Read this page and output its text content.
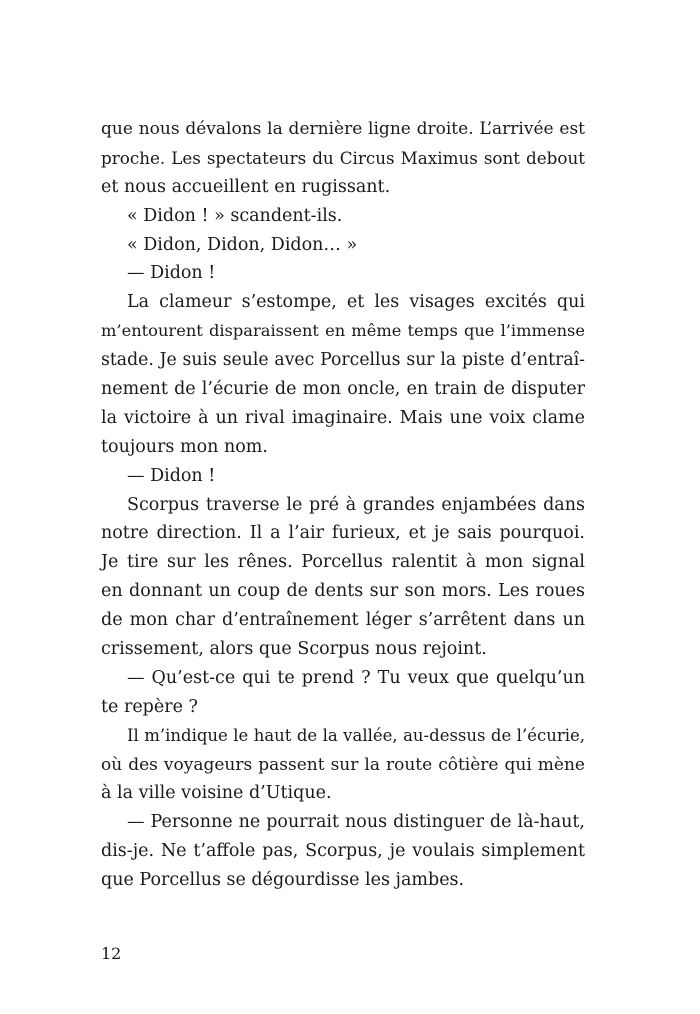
que nous dévalons la dernière ligne droite. L’arrivée est
proche. Les spectateurs du Circus Maximus sont debout
et nous accueillent en rugissant.
« Didon ! » scandent-ils.
« Didon, Didon, Didon… »
— Didon !
La clameur s’estompe, et les visages excités qui
m’entourent disparaissent en même temps que l’immense
stade. Je suis seule avec Porcellus sur la piste d’entraî-
nement de l’écurie de mon oncle, en train de disputer
la victoire à un rival imaginaire. Mais une voix clame
toujours mon nom.
— Didon !
Scorpus traverse le pré à grandes enjambées dans
notre direction. Il a l’air furieux, et je sais pourquoi.
Je tire sur les rênes. Porcellus ralentit à mon signal
en donnant un coup de dents sur son mors. Les roues
de mon char d’entraînement léger s’arrêtent dans un
crissement, alors que Scorpus nous rejoint.
— Qu’est-ce qui te prend ? Tu veux que quelqu’un
te repère ?
Il m’indique le haut de la vallée, au-dessus de l’écurie,
où des voyageurs passent sur la route côtière qui mène
à la ville voisine d’Utique.
— Personne ne pourrait nous distinguer de là-haut,
dis-je. Ne t’affole pas, Scorpus, je voulais simplement
que Porcellus se dégourdisse les jambes.
12
